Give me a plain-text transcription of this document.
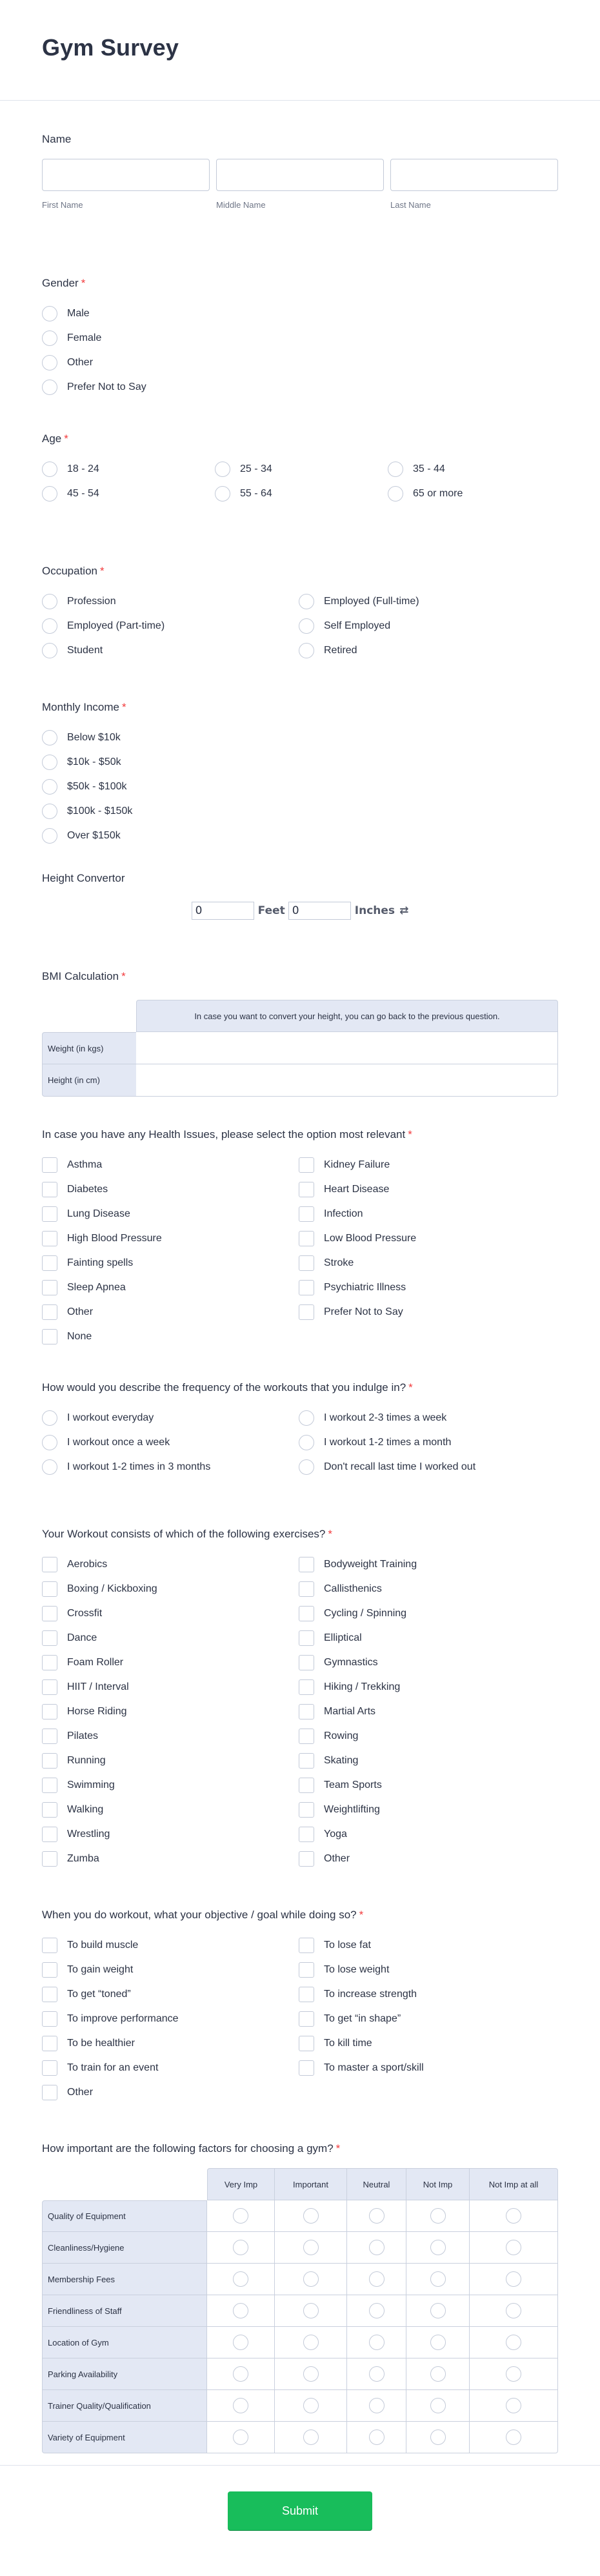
Gym Survey
Name
First Name	Middle Name	Last Name
Gender *
Male
Female
Other
Prefer Not to Say
Age *
18 - 24	25 - 34	35 - 44
45 - 54	55 - 64	65 or more
Occupation *
Profession	Employed (Full-time)
Employed (Part-time)	Self Employed
Student	Retired
Monthly Income *
Below $10k
$10k - $50k
$50k - $100k
$100k - $150k
Over $150k
Height Convertor
0
Feet
0	Inches ⇄
BMI Calculation *
	In case you want to convert your height, you can go back to the previous question.
Weight (in kgs)	
Height (in cm)	
In case you have any Health Issues, please select the option most relevant *
Asthma	Kidney Failure
Diabetes	Heart Disease
Lung Disease	Infection
High Blood Pressure	Low Blood Pressure
Fainting spells	Stroke
Sleep Apnea	Psychiatric Illness
Other	Prefer Not to Say
None
How would you describe the frequency of the workouts that you indulge in? *
I workout everyday	I workout 2-3 times a week
I workout once a week	I workout 1-2 times a month
I workout 1-2 times in 3 months	Don't recall last time I worked out
Your Workout consists of which of the following exercises? *
Aerobics	Bodyweight Training
Boxing / Kickboxing	Callisthenics
Crossfit	Cycling / Spinning
Dance	Elliptical
Foam Roller	Gymnastics
HIIT / Interval	Hiking / Trekking
Horse Riding	Martial Arts
Pilates	Rowing
Running	Skating
Swimming	Team Sports
Walking	Weightlifting
Wrestling	Yoga
Zumba	Other
When you do workout, what your objective / goal while doing so? *
To build muscle	To lose fat
To gain weight	To lose weight
To get “toned”	To increase strength
To improve performance	To get “in shape”
To be healthier	To kill time
To train for an event	To master a sport/skill
Other
How important are the following factors for choosing a gym? *
	Very Imp	Important	Neutral	Not Imp	Not Imp at all
Quality of Equipment					
Cleanliness/Hygiene					
Membership Fees					
Friendliness of Staff					
Location of Gym					
Parking Availability					
Trainer Quality/Qualification					
Variety of Equipment					
Submit
